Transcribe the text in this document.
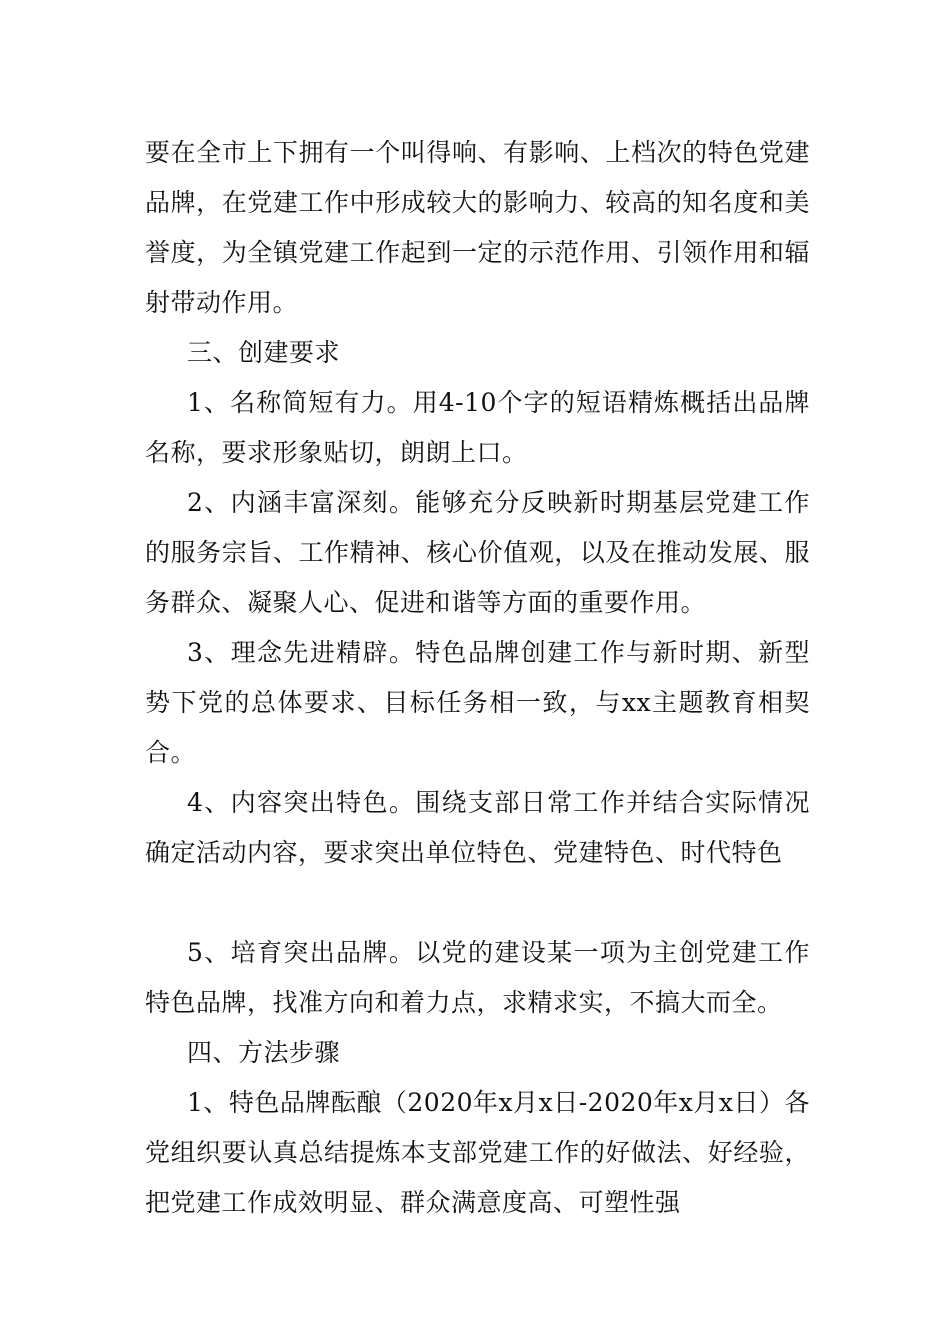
要在全市上下拥有一个叫得响、有影响、上档次的特色党建品牌，在党建工作中形成较大的影响力、较高的知名度和美誉度，为全镇党建工作起到一定的示范作用、引领作用和辐射带动作用。

三、创建要求

1、名称简短有力。用4-10个字的短语精炼概括出品牌名称，要求形象贴切，朗朗上口。

2、内涵丰富深刻。能够充分反映新时期基层党建工作的服务宗旨、工作精神、核心价值观，以及在推动发展、服务群众、凝聚人心、促进和谐等方面的重要作用。

3、理念先进精辟。特色品牌创建工作与新时期、新型势下党的总体要求、目标任务相一致，与xx主题教育相契合。

4、内容突出特色。围绕支部日常工作并结合实际情况确定活动内容，要求突出单位特色、党建特色、时代特色

5、培育突出品牌。以党的建设某一项为主创党建工作特色品牌，找准方向和着力点，求精求实，不搞大而全。

四、方法步骤

1、特色品牌酝酿（2020年x月x日-2020年x月x日）各党组织要认真总结提炼本支部党建工作的好做法、好经验，把党建工作成效明显、群众满意度高、可塑性强
